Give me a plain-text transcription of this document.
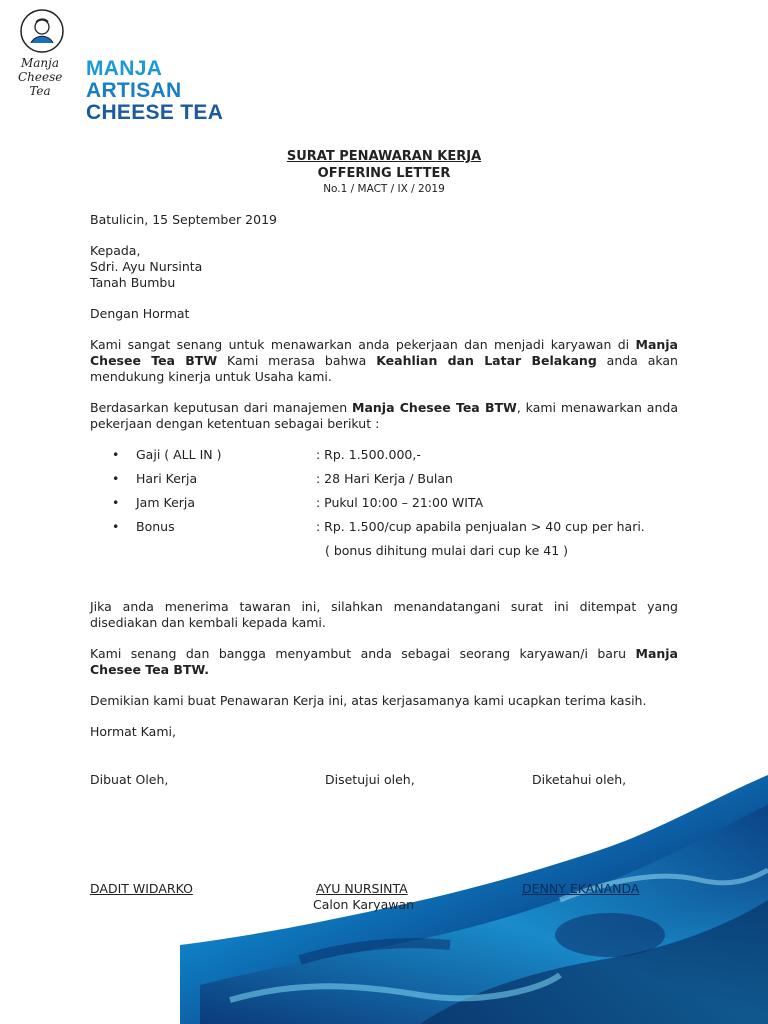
Manja
Cheese
Tea
MANJA
ARTISAN
CHEESE TEA
SURAT PENAWARAN KERJA
OFFERING LETTER
No.1 / MACT / IX / 2019
Batulicin, 15 September 2019
Kepada,
Sdri. Ayu Nursinta
Tanah Bumbu
Dengan Hormat
Kami sangat senang untuk menawarkan anda pekerjaan dan menjadi karyawan di Manja Chesee Tea BTW Kami merasa bahwa Keahlian dan Latar Belakang anda akan mendukung kinerja untuk Usaha kami.
Berdasarkan keputusan dari manajemen Manja Chesee Tea BTW, kami menawarkan anda pekerjaan dengan ketentuan sebagai berikut :
• Gaji ( ALL IN )	: Rp. 1.500.000,-
• Hari Kerja	: 28 Hari Kerja / Bulan
• Jam Kerja	: Pukul 10:00 – 21:00 WITA
• Bonus	: Rp. 1.500/cup apabila penjualan > 40 cup per hari.
( bonus dihitung mulai dari cup ke 41 )
Jika anda menerima tawaran ini, silahkan menandatangani surat ini ditempat yang disediakan dan kembali kepada kami.
Kami senang dan bangga menyambut anda sebagai seorang karyawan/i baru Manja Chesee Tea BTW.
Demikian kami buat Penawaran Kerja ini, atas kerjasamanya kami ucapkan terima kasih.
Hormat Kami,
Dibuat Oleh,	Disetujui oleh,	Diketahui oleh,
DADIT WIDARKO	AYU NURSINTA	DENNY EKANANDA
Calon Karyawan
